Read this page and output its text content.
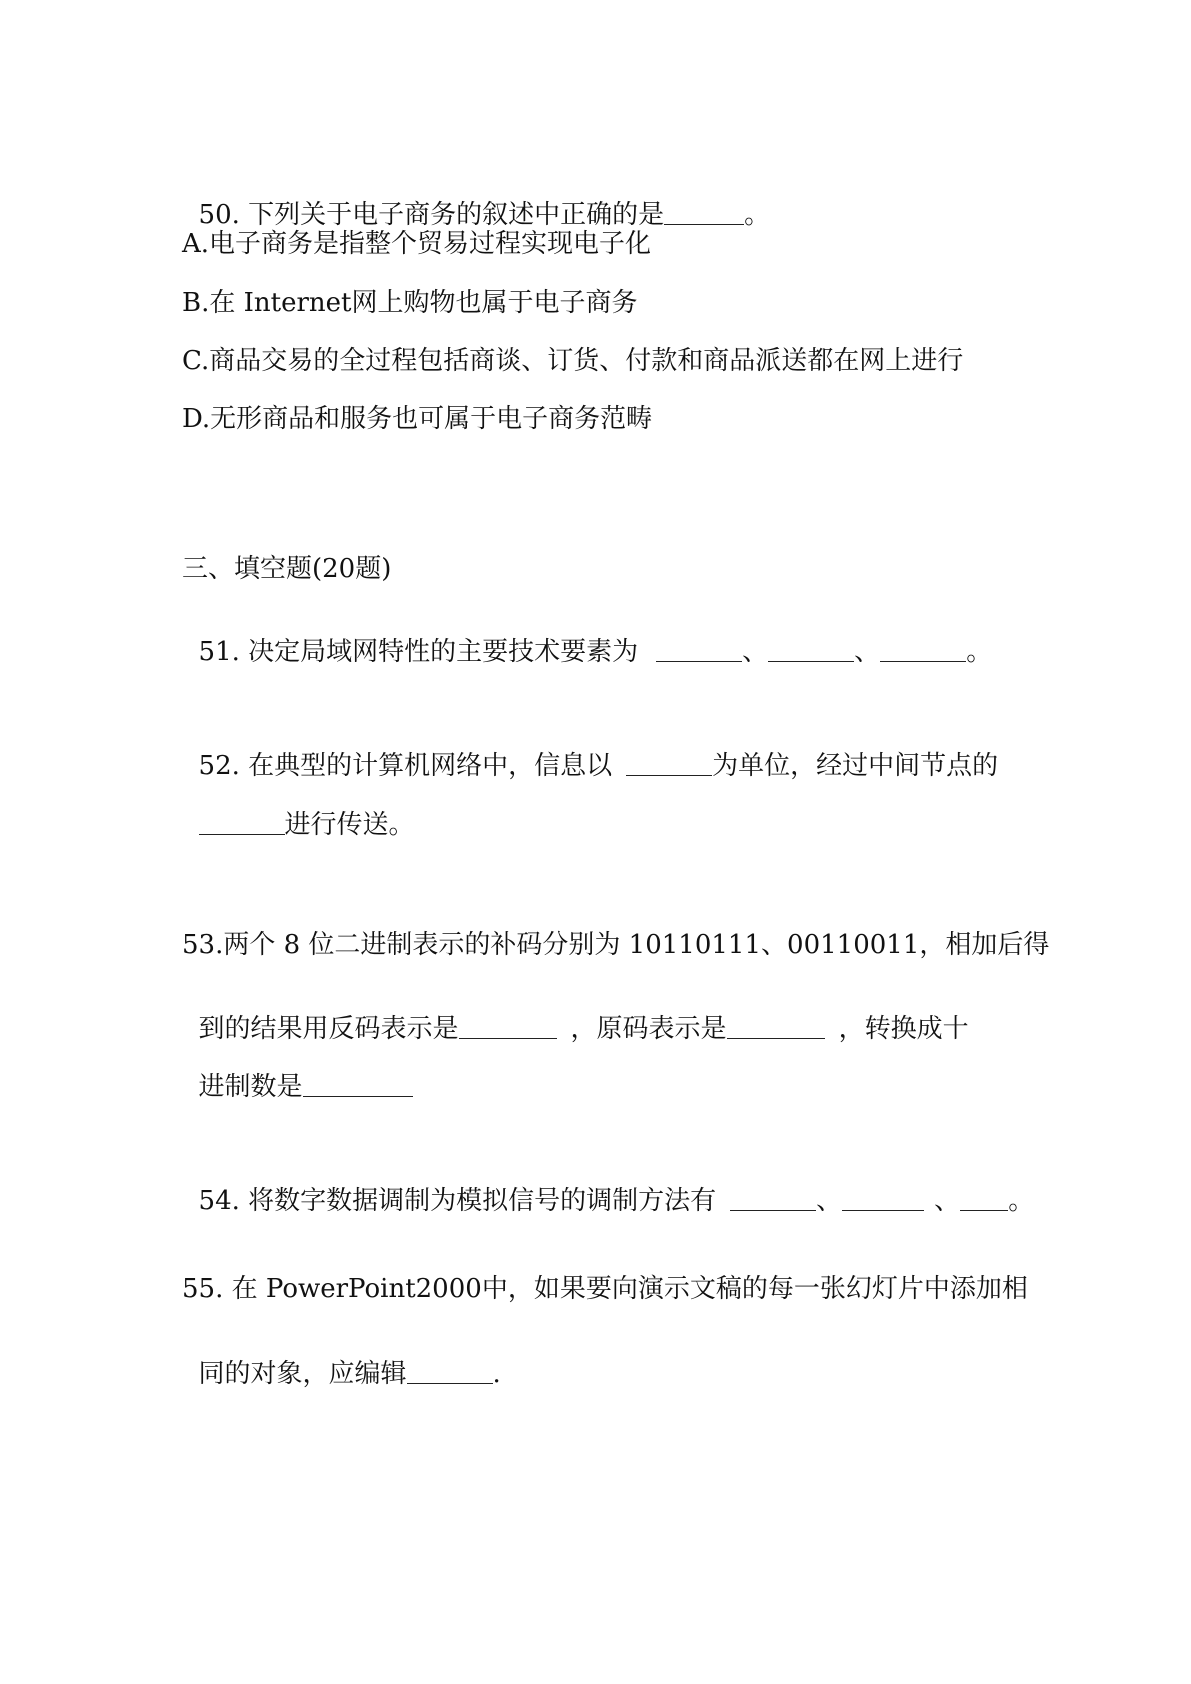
50. 下列关于电子商务的叙述中正确的是	。

A.电子商务是指整个贸易过程实现电子化
B.在 Internet网上购物也属于电子商务
C.商品交易的全过程包括商谈、订货、付款和商品派送都在网上进行
D.无形商品和服务也可属于电子商务范畴
三、填空题(20题)

51. 决定局域网特性的主要技术要素为	、	、	。

52. 在典型的计算机网络中，信息以	为单位，经过中间节点的

进行传送。

53.两个 8 位二进制表示的补码分别为 10110111、00110011，相加后得

到的结果用反码表示是	，原码表示是	，转换成十

进制数是

54. 将数字数据调制为模拟信号的调制方法有	、	、 。

55. 在 PowerPoint2000中，如果要向演示文稿的每一张幻灯片中添加相

同的对象，应编辑	.
